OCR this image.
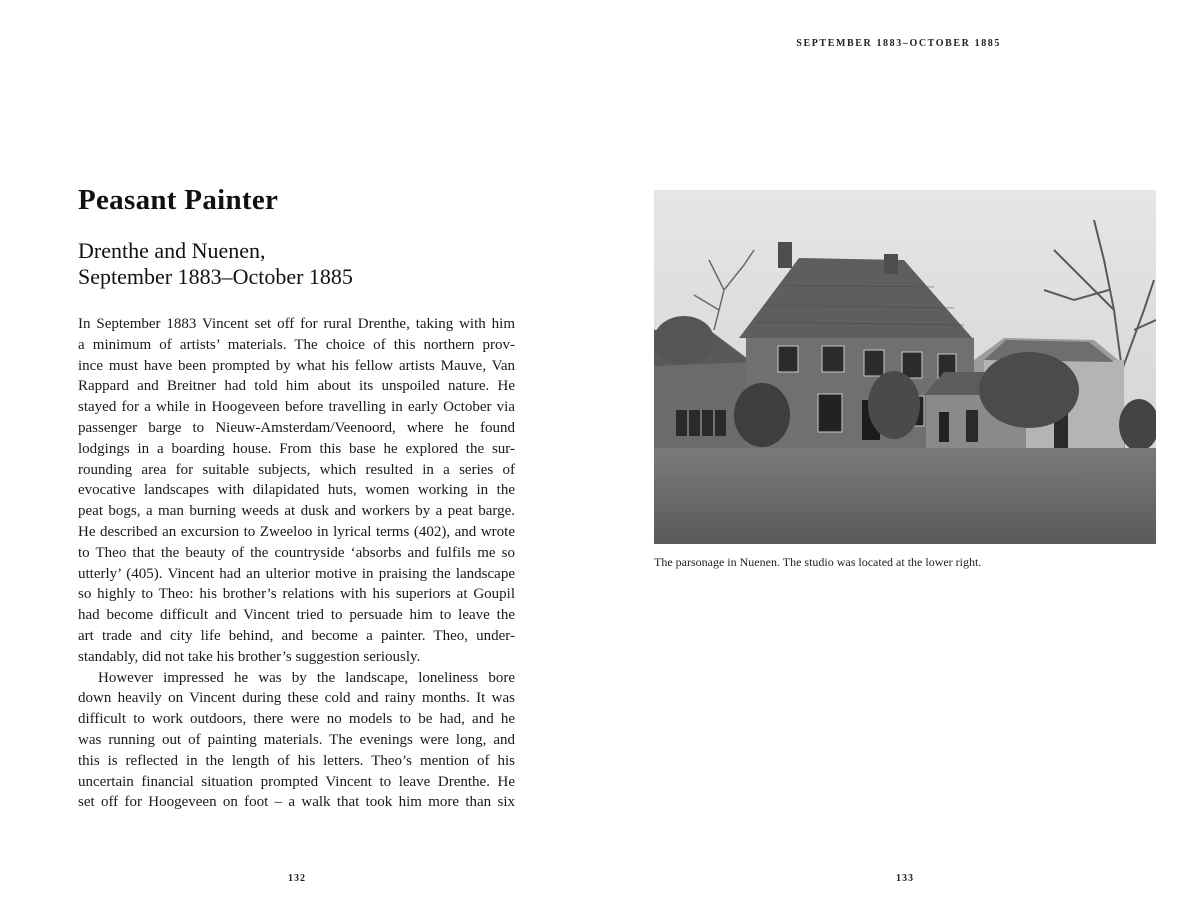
Peasant Painter
Drenthe and Nuenen,
September 1883–October 1885
In September 1883 Vincent set off for rural Drenthe, taking with him
a minimum of artists’ materials. The choice of this northern prov-
ince must have been prompted by what his fellow artists Mauve, Van
Rappard and Breitner had told him about its unspoiled nature. He
stayed for a while in Hoogeveen before travelling in early October via
passenger barge to Nieuw-Amsterdam/Veenoord, where he found
lodgings in a boarding house. From this base he explored the sur-
rounding area for suitable subjects, which resulted in a series of
evocative landscapes with dilapidated huts, women working in the
peat bogs, a man burning weeds at dusk and workers by a peat barge.
He described an excursion to Zweeloo in lyrical terms (402), and wrote
to Theo that the beauty of the countryside ‘absorbs and fulfils me so
utterly’ (405). Vincent had an ulterior motive in praising the landscape
so highly to Theo: his brother’s relations with his superiors at Goupil
had become difficult and Vincent tried to persuade him to leave the
art trade and city life behind, and become a painter. Theo, under-
standably, did not take his brother’s suggestion seriously.
However impressed he was by the landscape, loneliness bore
down heavily on Vincent during these cold and rainy months. It was
difficult to work outdoors, there were no models to be had, and he
was running out of painting materials. The evenings were long, and
this is reflected in the length of his letters. Theo’s mention of his
uncertain financial situation prompted Vincent to leave Drenthe. He
set off for Hoogeveen on foot – a walk that took him more than six
132
SEPTEMBER 1883–OCTOBER 1885
The parsonage in Nuenen. The studio was located at the lower right.
133
